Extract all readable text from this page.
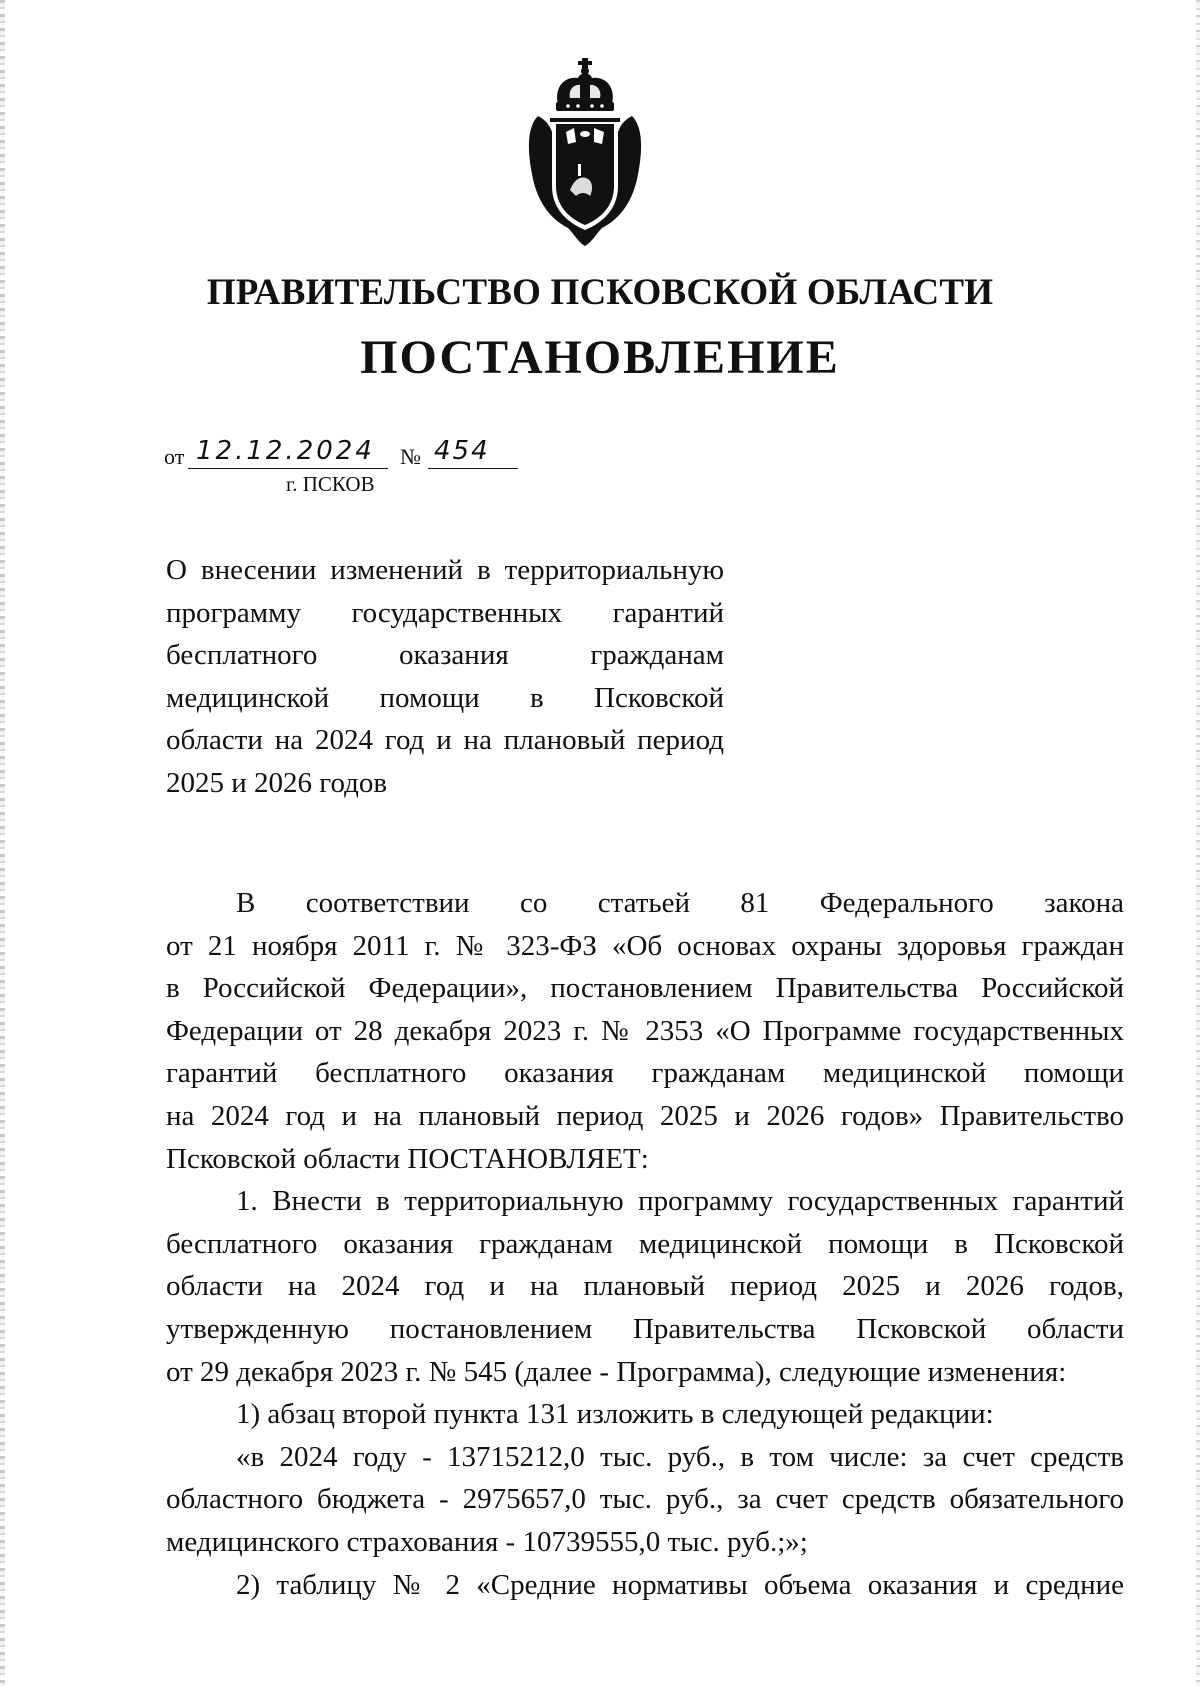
ПРАВИТЕЛЬСТВО ПСКОВСКОЙ ОБЛАСТИ
ПОСТАНОВЛЕНИЕ
от 12.12.2024 № 454
г. ПСКОВ
О внесении изменений в территориальную
программу государственных гарантий
бесплатного оказания гражданам
медицинской помощи в Псковской
области на 2024 год и на плановый период
2025 и 2026 годов
В соответствии со статьей 81 Федерального закона
от 21 ноября 2011 г. № 323-ФЗ «Об основах охраны здоровья граждан
в Российской Федерации», постановлением Правительства Российской
Федерации от 28 декабря 2023 г. № 2353 «О Программе государственных
гарантий бесплатного оказания гражданам медицинской помощи
на 2024 год и на плановый период 2025 и 2026 годов» Правительство
Псковской области ПОСТАНОВЛЯЕТ:
1. Внести в территориальную программу государственных гарантий
бесплатного оказания гражданам медицинской помощи в Псковской
области на 2024 год и на плановый период 2025 и 2026 годов,
утвержденную постановлением Правительства Псковской области
от 29 декабря 2023 г. № 545 (далее - Программа), следующие изменения:
1) абзац второй пункта 131 изложить в следующей редакции:
«в 2024 году - 13715212,0 тыс. руб., в том числе: за счет средств
областного бюджета - 2975657,0 тыс. руб., за счет средств обязательного
медицинского страхования - 10739555,0 тыс. руб.;»;
2) таблицу № 2 «Средние нормативы объема оказания и средние
